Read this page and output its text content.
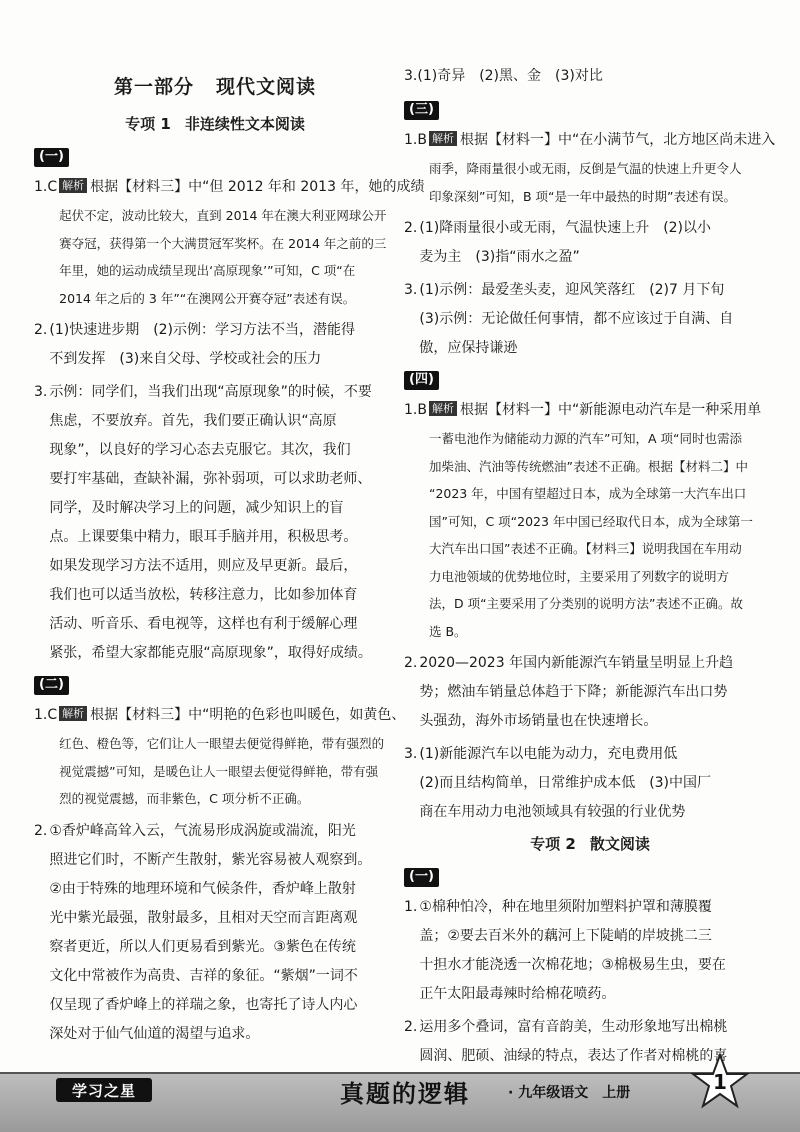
第一部分 现代文阅读
专项 1 非连续性文本阅读
(一)
1.C 解析 根据【材料三】中“但 2012 年和 2013 年，她的成绩
起伏不定，波动比较大，直到 2014 年在澳大利亚网球公开
赛夺冠，获得第一个大满贯冠军奖杯。在 2014 年之前的三
年里，她的运动成绩呈现出‘高原现象’”可知，C 项“在
2014 年之后的 3 年”“在澳网公开赛夺冠”表述有误。
2. (1)快速进步期　(2)示例：学习方法不当，潜能得
不到发挥　(3)来自父母、学校或社会的压力
3. 示例：同学们，当我们出现“高原现象”的时候，不要
焦虑，不要放弃。首先，我们要正确认识“高原
现象”，以良好的学习心态去克服它。其次，我们
要打牢基础，查缺补漏，弥补弱项，可以求助老师、
同学，及时解决学习上的问题，减少知识上的盲
点。上课要集中精力，眼耳手脑并用，积极思考。
如果发现学习方法不适用，则应及早更新。最后，
我们也可以适当放松，转移注意力，比如参加体育
活动、听音乐、看电视等，这样也有利于缓解心理
紧张，希望大家都能克服“高原现象”，取得好成绩。
(二)
1.C 解析 根据【材料三】中“明艳的色彩也叫暖色，如黄色、
红色、橙色等，它们让人一眼望去便觉得鲜艳，带有强烈的
视觉震撼”可知，是暖色让人一眼望去便觉得鲜艳，带有强
烈的视觉震撼，而非紫色，C 项分析不正确。
2. ①香炉峰高耸入云，气流易形成涡旋或湍流，阳光
照进它们时，不断产生散射，紫光容易被人观察到。
②由于特殊的地理环境和气候条件，香炉峰上散射
光中紫光最强，散射最多，且相对天空而言距离观
察者更近，所以人们更易看到紫光。③紫色在传统
文化中常被作为高贵、吉祥的象征。“紫烟”一词不
仅呈现了香炉峰上的祥瑞之象，也寄托了诗人内心
深处对于仙气仙道的渴望与追求。
3.(1)奇异　(2)黑、金　(3)对比
(三)
1.B 解析 根据【材料一】中“在小满节气，北方地区尚未进入
雨季，降雨量很小或无雨，反倒是气温的快速上升更令人
印象深刻”可知，B 项“是一年中最热的时期”表述有误。
2. (1)降雨量很小或无雨，气温快速上升　(2)以小
麦为主　(3)指“雨水之盈”
3. (1)示例：最爱垄头麦，迎风笑落红　(2)7 月下旬
(3)示例：无论做任何事情，都不应该过于自满、自
傲，应保持谦逊
(四)
1.B 解析 根据【材料一】中“新能源电动汽车是一种采用单
一蓄电池作为储能动力源的汽车”可知，A 项“同时也需添
加柴油、汽油等传统燃油”表述不正确。根据【材料二】中
“2023 年，中国有望超过日本，成为全球第一大汽车出口
国”可知，C 项“2023 年中国已经取代日本，成为全球第一
大汽车出口国”表述不正确。【材料三】说明我国在车用动
力电池领域的优势地位时，主要采用了列数字的说明方
法，D 项“主要采用了分类别的说明方法”表述不正确。故
选 B。
2. 2020—2023 年国内新能源汽车销量呈明显上升趋
势；燃油车销量总体趋于下降；新能源汽车出口势
头强劲，海外市场销量也在快速增长。
3. (1)新能源汽车以电能为动力，充电费用低
(2)而且结构简单，日常维护成本低　(3)中国厂
商在车用动力电池领域具有较强的行业优势
专项 2 散文阅读
(一)
1. ①棉种怕冷，种在地里须附加塑料护罩和薄膜覆
盖；②要去百米外的藕河上下陡峭的岸坡挑二三
十担水才能浇透一次棉花地；③棉极易生虫，要在
正午太阳最毒辣时给棉花喷药。
2. 运用多个叠词，富有音韵美，生动形象地写出棉桃
圆润、肥硕、油绿的特点，表达了作者对棉桃的喜
学习之星	真题的逻辑	· 九年级语文　上册	1
